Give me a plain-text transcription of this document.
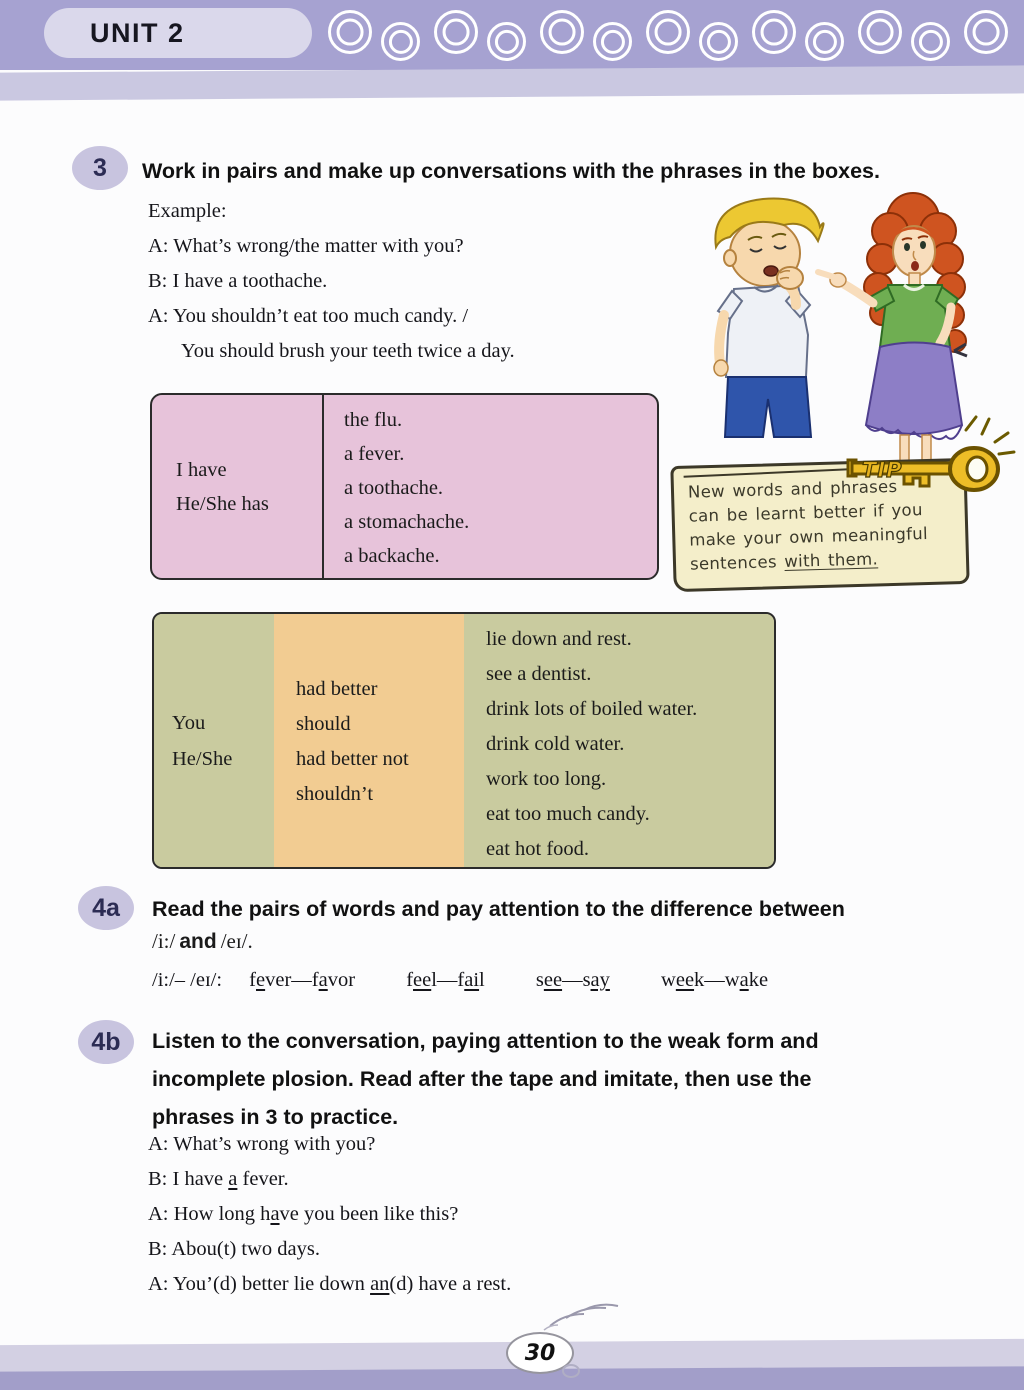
UNIT 2
3 Work in pairs and make up conversations with the phrases in the boxes.
Example:
A: What’s wrong/the matter with you?
B: I have a toothache.
A: You shouldn’t eat too much candy. /
You should brush your teeth twice a day.
I have
He/She has
the flu.
a fever.
a toothache.
a stomachache.
a backache.
New words and phrases
can be learnt better if you
make your own meaningful
sentences with them.
TIP
You
He/She
had better
should
had better not
shouldn’t
lie down and rest.
see a dentist.
drink lots of boiled water.
drink cold water.
work too long.
eat too much candy.
eat hot food.
4a Read the pairs of words and pay attention to the difference between
/i:/ and /eɪ/.
/i:/– /eɪ/: fever—favor feel—fail see—say week—wake
4b Listen to the conversation, paying attention to the weak form and
incomplete plosion. Read after the tape and imitate, then use the
phrases in 3 to practice.
A: What’s wrong with you?
B: I have a fever.
A: How long have you been like this?
B: Abou(t) two days.
A: You’(d) better lie down an(d) have a rest.
30
